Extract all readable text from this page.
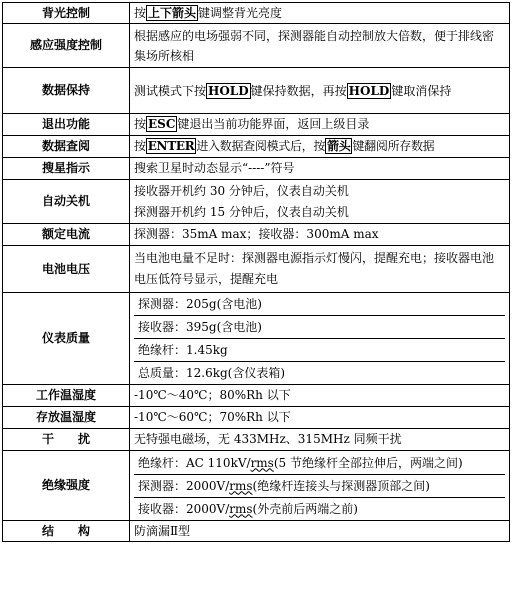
背光控制	按 上下箭头 键调整背光亮度
感应强度控制	根据感应的电场强弱不同，探测器能自动控制放大倍数，便于排线密集场所核相
数据保持	测试模式下按 HOLD 键保持数据，再按 HOLD 键取消保持
退出功能	按 ESC 键退出当前功能界面，返回上级目录
数据查阅	按 ENTER 进入数据查阅模式后，按 箭头 键翻阅所存数据
搜星指示	搜索卫星时动态显示“----”符号
自动关机	接收器开机约 30 分钟后，仪表自动关机
探测器开机约 15 分钟后，仪表自动关机

额定电流	探测器：35mA max；接收器：300mA max
电池电压	当电池电量不足时：探测器电源指示灯慢闪，提醒充电；接收器电池电压低符号显示，提醒充电
仪表质量	探测器：205g(含电池)
接收器：395g(含电池)
绝缘杆：1.45kg
总质量：12.6kg(含仪表箱)

工作温湿度	-10℃～40℃；80%Rh 以下
存放温湿度	-10℃～60℃；70%Rh 以下
干　　扰	无特强电磁场，无 433MHz、315MHz 同频干扰
绝缘强度	绝缘杆：AC 110kV/rms(5 节绝缘杆全部拉伸后，两端之间)
探测器：2000V/rms(绝缘杆连接头与探测器顶部之间)
接收器：2000V/rms(外壳前后两端之前)

结　　构	防滴漏Ⅱ型
